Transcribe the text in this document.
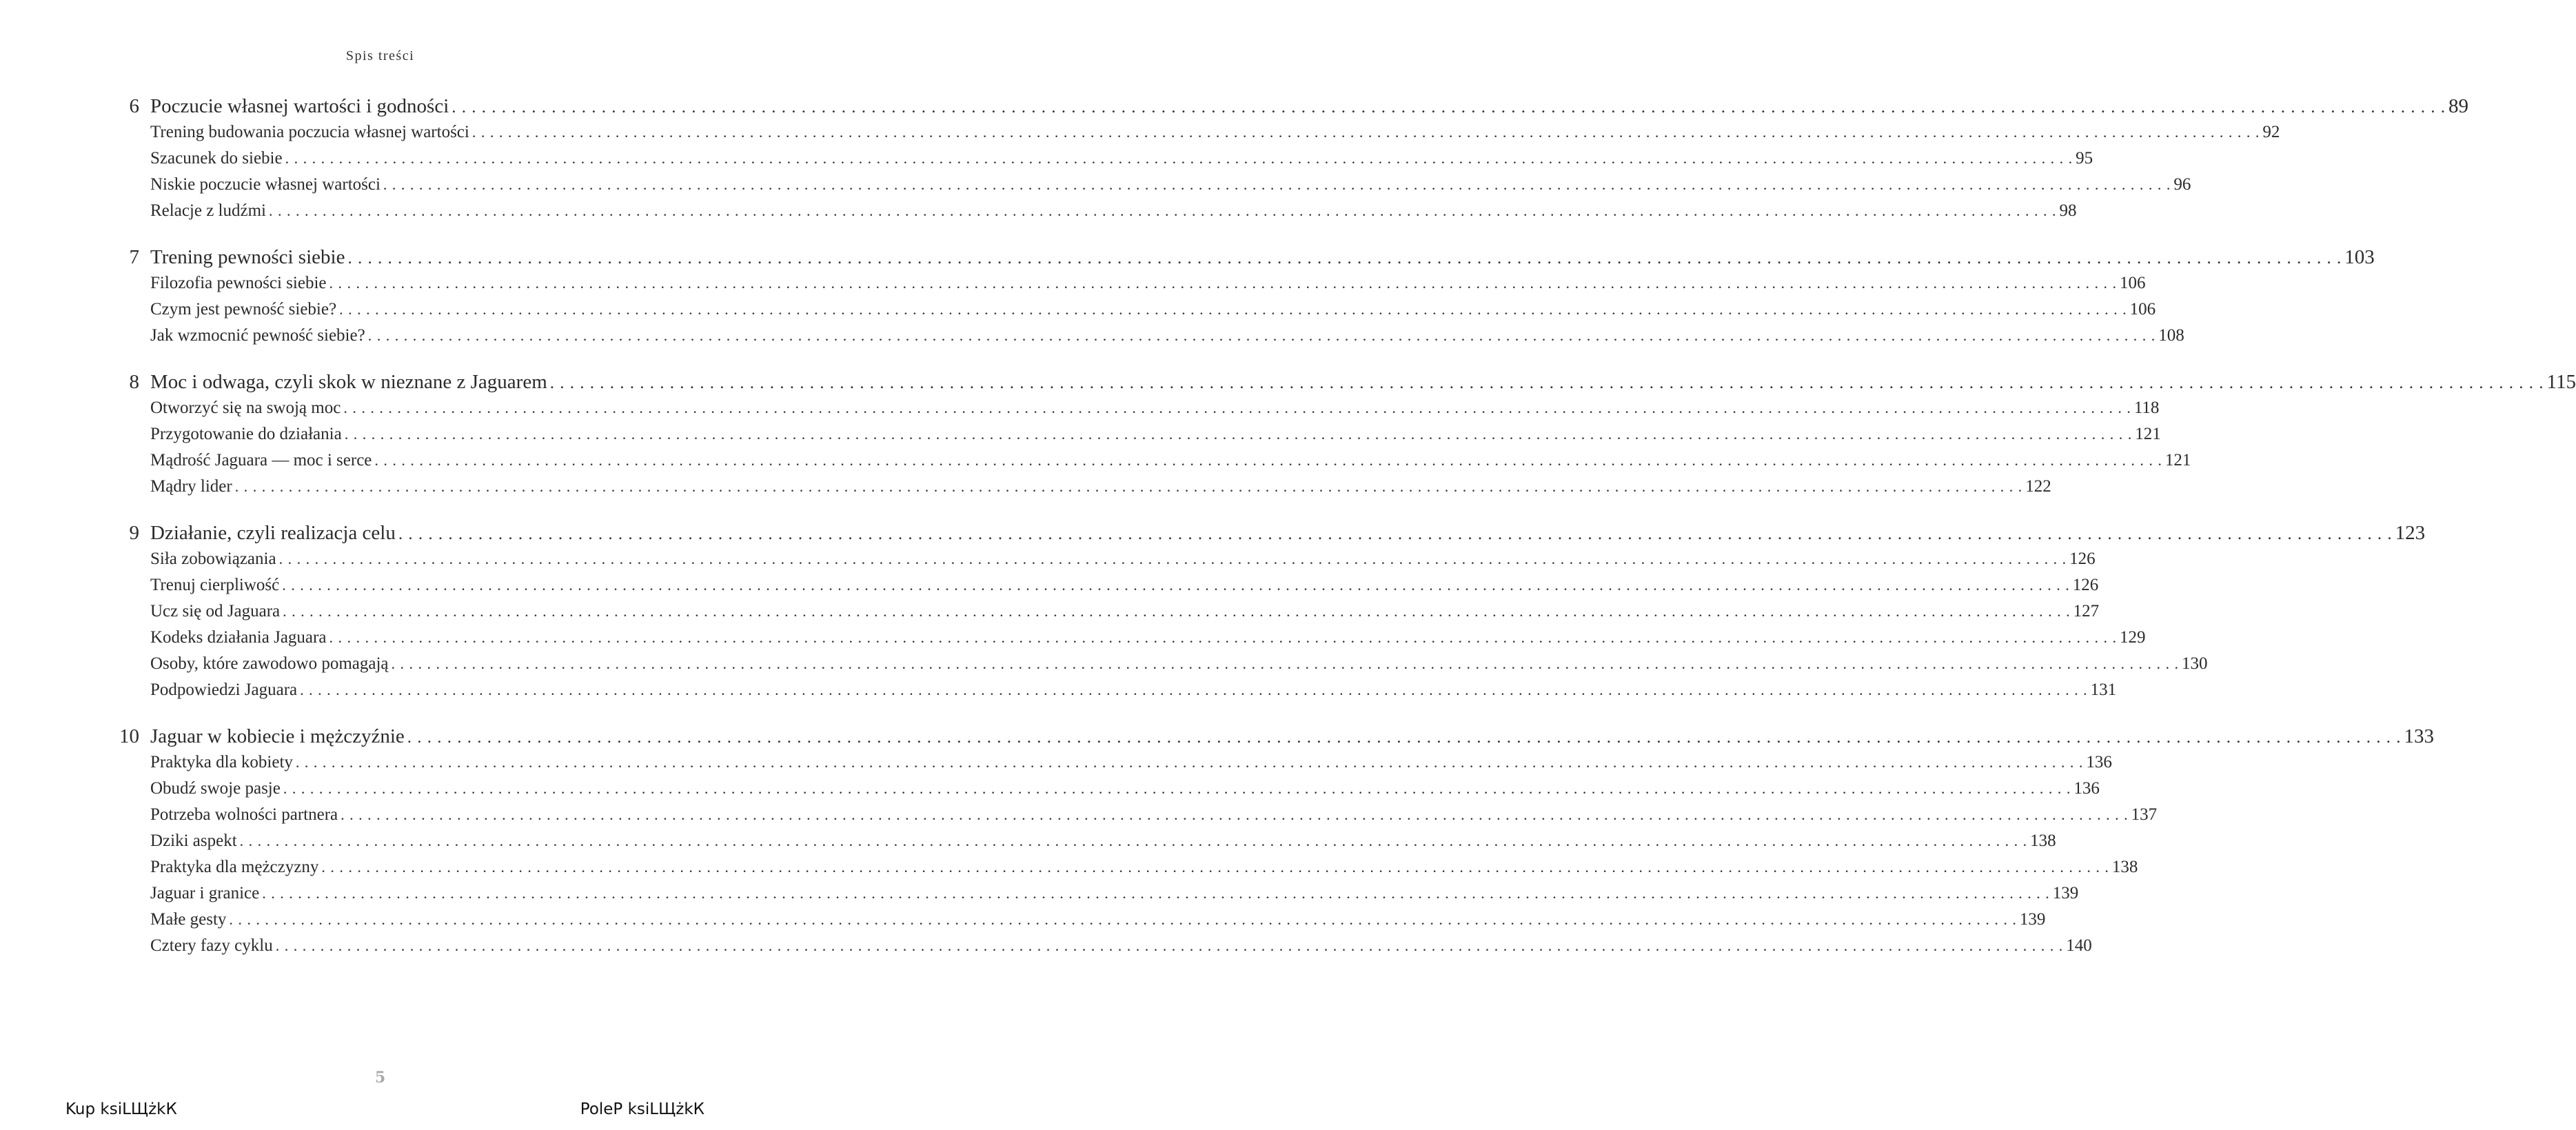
Spis treści
6 Poczucie własnej wartości i godności . . . . . . . . . . . . . . . . . . . . . . . . . . . . . . . . . . . . . . . . . . . . . . . . . . . . . . . . . . . . . . . . . . . . . . . . . . . . . . . . . . . . . . . . . . . . . . . . . . . . . . . . . . . . . . . . . . . . . . . . . . . . . . . . . . . . . . . . . . . . . . . . . . . . . . . . . . . . . . . . . . . . . . . . . . . . . . . . . . . . . . . . . . . . . . . . . . . . . . . . 89
Trening budowania poczucia własnej wartości . . . . . . . . . . . . . . . . . . . . . . . . . . . . . . . . . . . . . . . . . . . . . . . . . . . . . . . . . . . . . . . . . . . . . . . . . . . . . . . . . . . . . . . . . . . . . . . . . . . . . . . . . . . . . . . . . . . . . . . . . . . . . . . . . . . . . . . . . . . . . . . . . . . . . . . . . . . . . . . . . . . . . . . . . . . . . . . . . . . . . . . . . . . . . . . . . . . . . . . . 92
Szacunek do siebie . . . . . . . . . . . . . . . . . . . . . . . . . . . . . . . . . . . . . . . . . . . . . . . . . . . . . . . . . . . . . . . . . . . . . . . . . . . . . . . . . . . . . . . . . . . . . . . . . . . . . . . . . . . . . . . . . . . . . . . . . . . . . . . . . . . . . . . . . . . . . . . . . . . . . . . . . . . . . . . . . . . . . . . . . . . . . . . . . . . . . . . . . . . . . . . . . . . . . . . . 95
Niskie poczucie własnej wartości . . . . . . . . . . . . . . . . . . . . . . . . . . . . . . . . . . . . . . . . . . . . . . . . . . . . . . . . . . . . . . . . . . . . . . . . . . . . . . . . . . . . . . . . . . . . . . . . . . . . . . . . . . . . . . . . . . . . . . . . . . . . . . . . . . . . . . . . . . . . . . . . . . . . . . . . . . . . . . . . . . . . . . . . . . . . . . . . . . . . . . . . . . . . . . . . . . . . . . . . 96
Relacje z ludźmi . . . . . . . . . . . . . . . . . . . . . . . . . . . . . . . . . . . . . . . . . . . . . . . . . . . . . . . . . . . . . . . . . . . . . . . . . . . . . . . . . . . . . . . . . . . . . . . . . . . . . . . . . . . . . . . . . . . . . . . . . . . . . . . . . . . . . . . . . . . . . . . . . . . . . . . . . . . . . . . . . . . . . . . . . . . . . . . . . . . . . . . . . . . . . . . . . . . . . . . . 98
7 Trening pewności siebie . . . . . . . . . . . . . . . . . . . . . . . . . . . . . . . . . . . . . . . . . . . . . . . . . . . . . . . . . . . . . . . . . . . . . . . . . . . . . . . . . . . . . . . . . . . . . . . . . . . . . . . . . . . . . . . . . . . . . . . . . . . . . . . . . . . . . . . . . . . . . . . . . . . . . . . . . . . . . . . . . . . . . . . . . . . . . . . . . . . . . . . . . . . . . . . . . . . . . . . . 103
Filozofia pewności siebie . . . . . . . . . . . . . . . . . . . . . . . . . . . . . . . . . . . . . . . . . . . . . . . . . . . . . . . . . . . . . . . . . . . . . . . . . . . . . . . . . . . . . . . . . . . . . . . . . . . . . . . . . . . . . . . . . . . . . . . . . . . . . . . . . . . . . . . . . . . . . . . . . . . . . . . . . . . . . . . . . . . . . . . . . . . . . . . . . . . . . . . . . . . . . . . . . . . . . . . . 106
Czym jest pewność siebie? . . . . . . . . . . . . . . . . . . . . . . . . . . . . . . . . . . . . . . . . . . . . . . . . . . . . . . . . . . . . . . . . . . . . . . . . . . . . . . . . . . . . . . . . . . . . . . . . . . . . . . . . . . . . . . . . . . . . . . . . . . . . . . . . . . . . . . . . . . . . . . . . . . . . . . . . . . . . . . . . . . . . . . . . . . . . . . . . . . . . . . . . . . . . . . . . . . . . . . . . 106
Jak wzmocnić pewność siebie? . . . . . . . . . . . . . . . . . . . . . . . . . . . . . . . . . . . . . . . . . . . . . . . . . . . . . . . . . . . . . . . . . . . . . . . . . . . . . . . . . . . . . . . . . . . . . . . . . . . . . . . . . . . . . . . . . . . . . . . . . . . . . . . . . . . . . . . . . . . . . . . . . . . . . . . . . . . . . . . . . . . . . . . . . . . . . . . . . . . . . . . . . . . . . . . . . . . . . . . . 108
8 Moc i odwaga, czyli skok w nieznane z Jaguarem . . . . . . . . . . . . . . . . . . . . . . . . . . . . . . . . . . . . . . . . . . . . . . . . . . . . . . . . . . . . . . . . . . . . . . . . . . . . . . . . . . . . . . . . . . . . . . . . . . . . . . . . . . . . . . . . . . . . . . . . . . . . . . . . . . . . . . . . . . . . . . . . . . . . . . . . . . . . . . . . . . . . . . . . . . . . . . . . . . . . . . . . . . . . . . . . . . . . . . . . 115
Otworzyć się na swoją moc . . . . . . . . . . . . . . . . . . . . . . . . . . . . . . . . . . . . . . . . . . . . . . . . . . . . . . . . . . . . . . . . . . . . . . . . . . . . . . . . . . . . . . . . . . . . . . . . . . . . . . . . . . . . . . . . . . . . . . . . . . . . . . . . . . . . . . . . . . . . . . . . . . . . . . . . . . . . . . . . . . . . . . . . . . . . . . . . . . . . . . . . . . . . . . . . . . . . . . . . 118
Przygotowanie do działania . . . . . . . . . . . . . . . . . . . . . . . . . . . . . . . . . . . . . . . . . . . . . . . . . . . . . . . . . . . . . . . . . . . . . . . . . . . . . . . . . . . . . . . . . . . . . . . . . . . . . . . . . . . . . . . . . . . . . . . . . . . . . . . . . . . . . . . . . . . . . . . . . . . . . . . . . . . . . . . . . . . . . . . . . . . . . . . . . . . . . . . . . . . . . . . . . . . . . . . . 121
Mądrość Jaguara — moc i serce . . . . . . . . . . . . . . . . . . . . . . . . . . . . . . . . . . . . . . . . . . . . . . . . . . . . . . . . . . . . . . . . . . . . . . . . . . . . . . . . . . . . . . . . . . . . . . . . . . . . . . . . . . . . . . . . . . . . . . . . . . . . . . . . . . . . . . . . . . . . . . . . . . . . . . . . . . . . . . . . . . . . . . . . . . . . . . . . . . . . . . . . . . . . . . . . . . . . . . . . 121
Mądry lider . . . . . . . . . . . . . . . . . . . . . . . . . . . . . . . . . . . . . . . . . . . . . . . . . . . . . . . . . . . . . . . . . . . . . . . . . . . . . . . . . . . . . . . . . . . . . . . . . . . . . . . . . . . . . . . . . . . . . . . . . . . . . . . . . . . . . . . . . . . . . . . . . . . . . . . . . . . . . . . . . . . . . . . . . . . . . . . . . . . . . . . . . . . . . . . . . . . . . . . . 122
9 Działanie, czyli realizacja celu . . . . . . . . . . . . . . . . . . . . . . . . . . . . . . . . . . . . . . . . . . . . . . . . . . . . . . . . . . . . . . . . . . . . . . . . . . . . . . . . . . . . . . . . . . . . . . . . . . . . . . . . . . . . . . . . . . . . . . . . . . . . . . . . . . . . . . . . . . . . . . . . . . . . . . . . . . . . . . . . . . . . . . . . . . . . . . . . . . . . . . . . . . . . . . . . . . . . . . . . 123
Siła zobowiązania . . . . . . . . . . . . . . . . . . . . . . . . . . . . . . . . . . . . . . . . . . . . . . . . . . . . . . . . . . . . . . . . . . . . . . . . . . . . . . . . . . . . . . . . . . . . . . . . . . . . . . . . . . . . . . . . . . . . . . . . . . . . . . . . . . . . . . . . . . . . . . . . . . . . . . . . . . . . . . . . . . . . . . . . . . . . . . . . . . . . . . . . . . . . . . . . . . . . . . . . 126
Trenuj cierpliwość . . . . . . . . . . . . . . . . . . . . . . . . . . . . . . . . . . . . . . . . . . . . . . . . . . . . . . . . . . . . . . . . . . . . . . . . . . . . . . . . . . . . . . . . . . . . . . . . . . . . . . . . . . . . . . . . . . . . . . . . . . . . . . . . . . . . . . . . . . . . . . . . . . . . . . . . . . . . . . . . . . . . . . . . . . . . . . . . . . . . . . . . . . . . . . . . . . . . . . . . 126
Ucz się od Jaguara . . . . . . . . . . . . . . . . . . . . . . . . . . . . . . . . . . . . . . . . . . . . . . . . . . . . . . . . . . . . . . . . . . . . . . . . . . . . . . . . . . . . . . . . . . . . . . . . . . . . . . . . . . . . . . . . . . . . . . . . . . . . . . . . . . . . . . . . . . . . . . . . . . . . . . . . . . . . . . . . . . . . . . . . . . . . . . . . . . . . . . . . . . . . . . . . . . . . . . . . 127
Kodeks działania Jaguara . . . . . . . . . . . . . . . . . . . . . . . . . . . . . . . . . . . . . . . . . . . . . . . . . . . . . . . . . . . . . . . . . . . . . . . . . . . . . . . . . . . . . . . . . . . . . . . . . . . . . . . . . . . . . . . . . . . . . . . . . . . . . . . . . . . . . . . . . . . . . . . . . . . . . . . . . . . . . . . . . . . . . . . . . . . . . . . . . . . . . . . . . . . . . . . . . . . . . . . . 129
Osoby, które zawodowo pomagają . . . . . . . . . . . . . . . . . . . . . . . . . . . . . . . . . . . . . . . . . . . . . . . . . . . . . . . . . . . . . . . . . . . . . . . . . . . . . . . . . . . . . . . . . . . . . . . . . . . . . . . . . . . . . . . . . . . . . . . . . . . . . . . . . . . . . . . . . . . . . . . . . . . . . . . . . . . . . . . . . . . . . . . . . . . . . . . . . . . . . . . . . . . . . . . . . . . . . . . . 130
Podpowiedzi Jaguara . . . . . . . . . . . . . . . . . . . . . . . . . . . . . . . . . . . . . . . . . . . . . . . . . . . . . . . . . . . . . . . . . . . . . . . . . . . . . . . . . . . . . . . . . . . . . . . . . . . . . . . . . . . . . . . . . . . . . . . . . . . . . . . . . . . . . . . . . . . . . . . . . . . . . . . . . . . . . . . . . . . . . . . . . . . . . . . . . . . . . . . . . . . . . . . . . . . . . . . . 131
10 Jaguar w kobiecie i mężczyźnie . . . . . . . . . . . . . . . . . . . . . . . . . . . . . . . . . . . . . . . . . . . . . . . . . . . . . . . . . . . . . . . . . . . . . . . . . . . . . . . . . . . . . . . . . . . . . . . . . . . . . . . . . . . . . . . . . . . . . . . . . . . . . . . . . . . . . . . . . . . . . . . . . . . . . . . . . . . . . . . . . . . . . . . . . . . . . . . . . . . . . . . . . . . . . . . . . . . . . . . . 133
Praktyka dla kobiety . . . . . . . . . . . . . . . . . . . . . . . . . . . . . . . . . . . . . . . . . . . . . . . . . . . . . . . . . . . . . . . . . . . . . . . . . . . . . . . . . . . . . . . . . . . . . . . . . . . . . . . . . . . . . . . . . . . . . . . . . . . . . . . . . . . . . . . . . . . . . . . . . . . . . . . . . . . . . . . . . . . . . . . . . . . . . . . . . . . . . . . . . . . . . . . . . . . . . . . . 136
Obudź swoje pasje . . . . . . . . . . . . . . . . . . . . . . . . . . . . . . . . . . . . . . . . . . . . . . . . . . . . . . . . . . . . . . . . . . . . . . . . . . . . . . . . . . . . . . . . . . . . . . . . . . . . . . . . . . . . . . . . . . . . . . . . . . . . . . . . . . . . . . . . . . . . . . . . . . . . . . . . . . . . . . . . . . . . . . . . . . . . . . . . . . . . . . . . . . . . . . . . . . . . . . . . 136
Potrzeba wolności partnera . . . . . . . . . . . . . . . . . . . . . . . . . . . . . . . . . . . . . . . . . . . . . . . . . . . . . . . . . . . . . . . . . . . . . . . . . . . . . . . . . . . . . . . . . . . . . . . . . . . . . . . . . . . . . . . . . . . . . . . . . . . . . . . . . . . . . . . . . . . . . . . . . . . . . . . . . . . . . . . . . . . . . . . . . . . . . . . . . . . . . . . . . . . . . . . . . . . . . . . . 137
Dziki aspekt . . . . . . . . . . . . . . . . . . . . . . . . . . . . . . . . . . . . . . . . . . . . . . . . . . . . . . . . . . . . . . . . . . . . . . . . . . . . . . . . . . . . . . . . . . . . . . . . . . . . . . . . . . . . . . . . . . . . . . . . . . . . . . . . . . . . . . . . . . . . . . . . . . . . . . . . . . . . . . . . . . . . . . . . . . . . . . . . . . . . . . . . . . . . . . . . . . . . . . . . 138
Praktyka dla mężczyzny . . . . . . . . . . . . . . . . . . . . . . . . . . . . . . . . . . . . . . . . . . . . . . . . . . . . . . . . . . . . . . . . . . . . . . . . . . . . . . . . . . . . . . . . . . . . . . . . . . . . . . . . . . . . . . . . . . . . . . . . . . . . . . . . . . . . . . . . . . . . . . . . . . . . . . . . . . . . . . . . . . . . . . . . . . . . . . . . . . . . . . . . . . . . . . . . . . . . . . . . 138
Jaguar i granice . . . . . . . . . . . . . . . . . . . . . . . . . . . . . . . . . . . . . . . . . . . . . . . . . . . . . . . . . . . . . . . . . . . . . . . . . . . . . . . . . . . . . . . . . . . . . . . . . . . . . . . . . . . . . . . . . . . . . . . . . . . . . . . . . . . . . . . . . . . . . . . . . . . . . . . . . . . . . . . . . . . . . . . . . . . . . . . . . . . . . . . . . . . . . . . . . . . . . . . . 139
Małe gesty . . . . . . . . . . . . . . . . . . . . . . . . . . . . . . . . . . . . . . . . . . . . . . . . . . . . . . . . . . . . . . . . . . . . . . . . . . . . . . . . . . . . . . . . . . . . . . . . . . . . . . . . . . . . . . . . . . . . . . . . . . . . . . . . . . . . . . . . . . . . . . . . . . . . . . . . . . . . . . . . . . . . . . . . . . . . . . . . . . . . . . . . . . . . . . . . . . . . . . . . 139
Cztery fazy cyklu . . . . . . . . . . . . . . . . . . . . . . . . . . . . . . . . . . . . . . . . . . . . . . . . . . . . . . . . . . . . . . . . . . . . . . . . . . . . . . . . . . . . . . . . . . . . . . . . . . . . . . . . . . . . . . . . . . . . . . . . . . . . . . . . . . . . . . . . . . . . . . . . . . . . . . . . . . . . . . . . . . . . . . . . . . . . . . . . . . . . . . . . . . . . . . . . . . . . . . . . 140
5
Kup ksiLЩżkК	PoleР ksiLЩżkК
